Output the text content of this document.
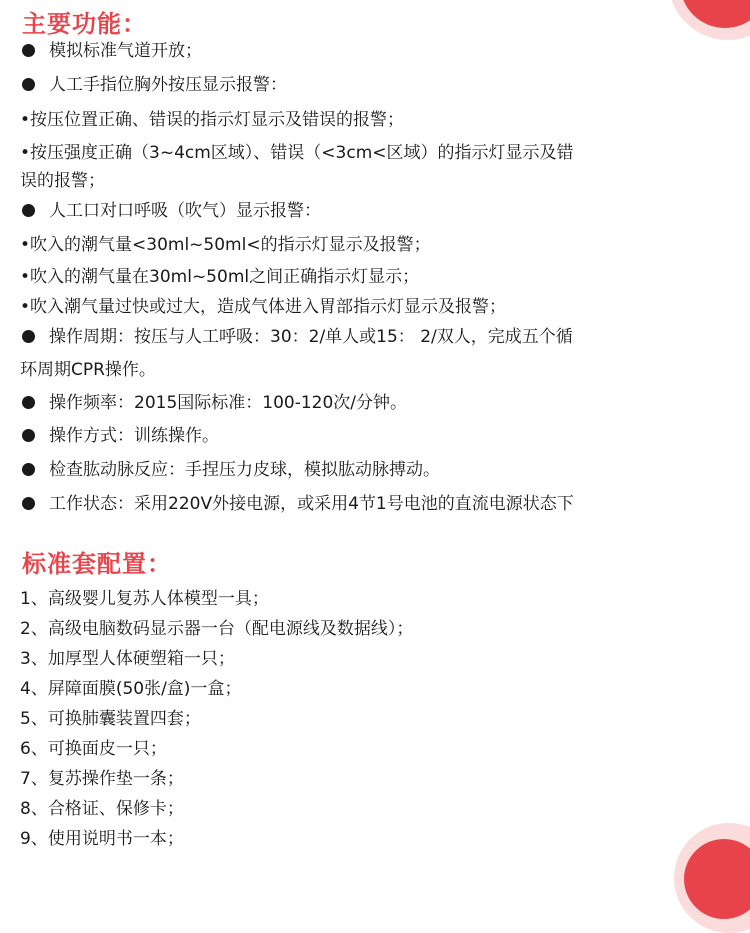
主要功能：
模拟标准气道开放；
人工手指位胸外按压显示报警：
•按压位置正确、错误的指示灯显示及错误的报警；
•按压强度正确（3~4cm区域）、错误（<3cm<区域）的指示灯显示及错
误的报警；
人工口对口呼吸（吹气）显示报警：
•吹入的潮气量<30ml~50ml<的指示灯显示及报警；
•吹入的潮气量在30ml~50ml之间正确指示灯显示；
•吹入潮气量过快或过大，造成气体进入胃部指示灯显示及报警；
操作周期：按压与人工呼吸：30：2/单人或15： 2/双人，完成五个循
环周期CPR操作。
操作频率：2015国际标准：100-120次/分钟。
操作方式：训练操作。
检查肱动脉反应：手捏压力皮球，模拟肱动脉搏动。
工作状态：采用220V外接电源，或采用4节1号电池的直流电源状态下
标准套配置：
1、高级婴儿复苏人体模型一具；
2、高级电脑数码显示器一台（配电源线及数据线）；
3、加厚型人体硬塑箱一只；
4、屏障面膜(50张/盒)一盒；
5、可换肺囊装置四套；
6、可换面皮一只；
7、复苏操作垫一条；
8、合格证、保修卡；
9、使用说明书一本；
